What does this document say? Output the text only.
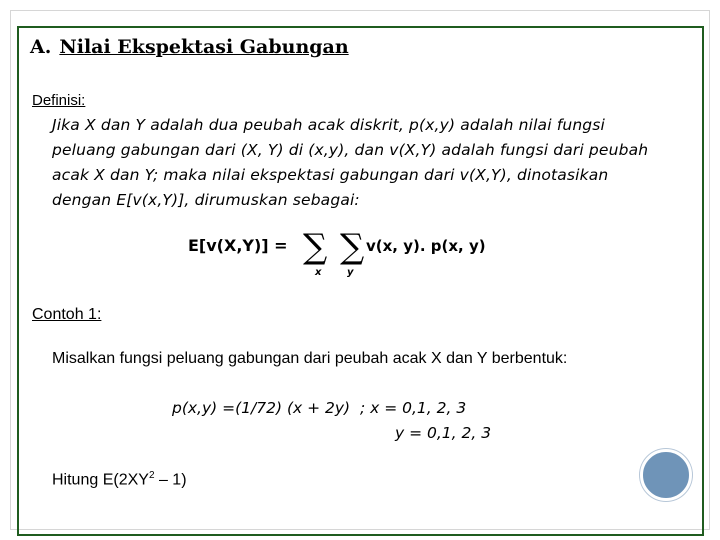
A. Nilai Ekspektasi Gabungan
Definisi:
Jika X dan Y adalah dua peubah acak diskrit, p(x,y) adalah nilai fungsi
peluang gabungan dari (X, Y) di (x,y), dan v(X,Y) adalah fungsi dari peubah
acak X dan Y; maka nilai ekspektasi gabungan dari v(X,Y), dinotasikan
dengan E[v(x,Y)], dirumuskan sebagai:
E[v(X,Y)] = ∑ ∑
x	y
v(x, y). p(x, y)
Contoh 1:
Misalkan fungsi peluang gabungan dari peubah acak X dan Y berbentuk:
p(x,y) =(1/72) (x + 2y)  ; x = 0,1, 2, 3
y = 0,1, 2, 3
Hitung $E(2XY^2 - 1)$
